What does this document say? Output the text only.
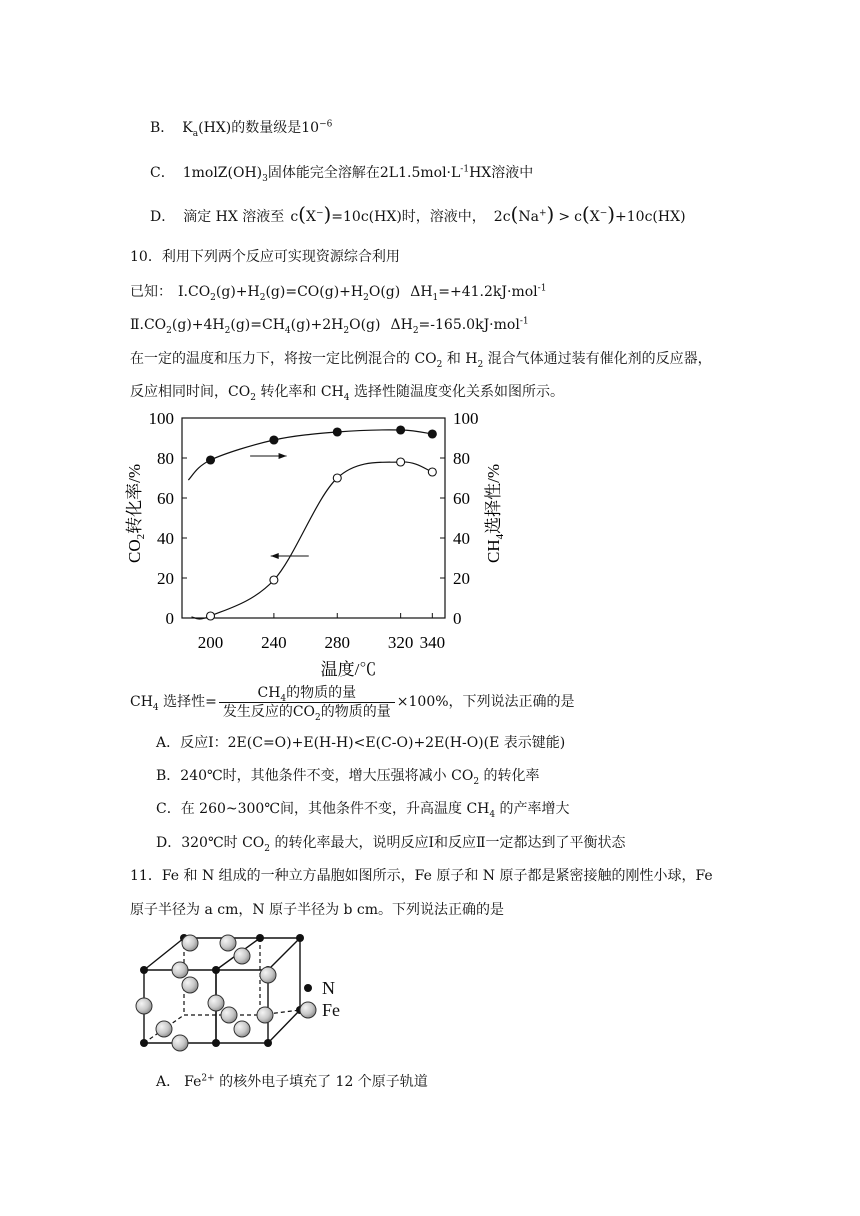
B． $K_a(HX)$的数量级是$10^{-6}$
C． $1molZ(OH)_3$固体能完全溶解在$2L1.5mol\cdot L^{-1}HX$溶液中
D． 滴定 HX 溶液至 c(X−)=10c(HX)时，溶液中， 2c(Na+) > c(X−)+10c(HX)
10．利用下列两个反应可实现资源综合利用
已知： $Ⅰ.CO_2(g)+H_2(g)=CO(g)+H_2O(g)$ $\Delta H_1=+41.2kJ\cdot mol^{-1}$
$Ⅱ.CO_2(g)+4H_2(g)=CH_4(g)+2H_2O(g)$ $\Delta H_2=-165.0kJ\cdot mol^{-1}$
在一定的温度和压力下，将按一定比例混合的 $CO_2$ 和 $H_2$ 混合气体通过装有催化剂的反应器，
反应相同时间，$CO_2$ 转化率和 $CH_4$ 选择性随温度变化关系如图所示。
0	0
20	20
40	40
60	60
80	80
100	100
200 240 280 320 340
温度/℃
$CO_2$转化率/%
$CH_4$选择性/%
$CH_4$ 选择性= $\frac{CH_4的物质的量}{发生反应的CO_2的物质的量} \times 100\%$，下列说法正确的是
A．反应Ⅰ：2E(C=O)+E(H-H)<E(C-O)+2E(H-O)(E 表示键能)
B．240℃时，其他条件不变，增大压强将减小 $CO_2$ 的转化率
C．在 260~300℃间，其他条件不变，升高温度 $CH_4$ 的产率增大
D．320℃时 $CO_2$ 的转化率最大，说明反应Ⅰ和反应Ⅱ一定都达到了平衡状态
11．Fe 和 N 组成的一种立方晶胞如图所示，Fe 原子和 N 原子都是紧密接触的刚性小球，Fe
原子半径为 a cm，N 原子半径为 b cm。下列说法正确的是
N
Fe
A． $Fe^{2+}$ 的核外电子填充了 12 个原子轨道
